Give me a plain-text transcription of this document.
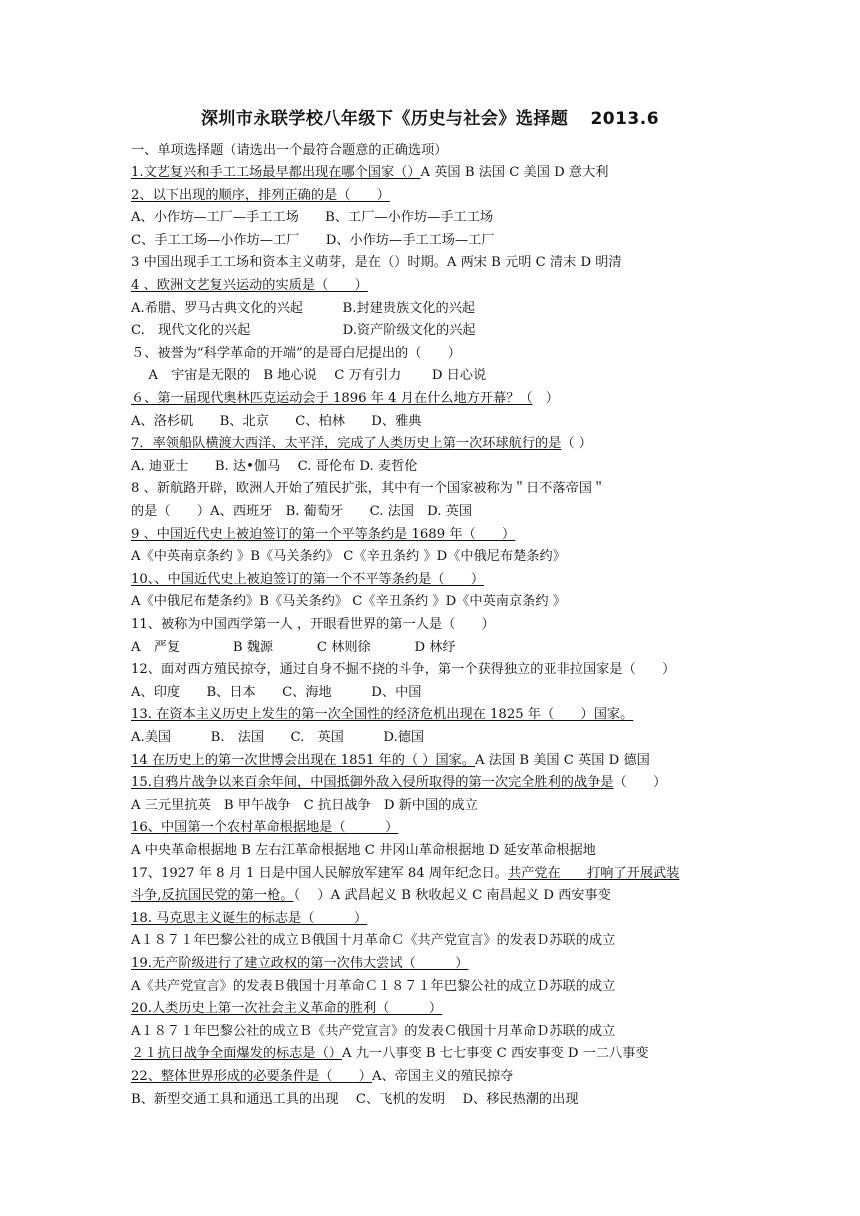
深圳市永联学校八年级下《历史与社会》选择题 2013.6
一、单项选择题（请选出一个最符合题意的正确选项）
1.文艺复兴和手工工场最早都出现在哪个国家（）A 英国 B 法国 C 美国 D 意大利
2、以下出现的顺序，排列正确的是（　　）
A、小作坊—工厂—手工工场　　B、工厂—小作坊—手工工场
C、手工工场—小作坊—工厂　　D、小作坊—手工工场—工厂
3 中国出现手工工场和资本主义萌芽，是在（）时期。A 两宋 B 元明 C 清末 D 明清
4 、欧洲文艺复兴运动的实质是（　　）
A.希腊、罗马古典文化的兴起　　　B.封建贵族文化的兴起
C.　现代文化的兴起　　　　　　　D.资产阶级文化的兴起
５、被誉为“科学革命的开端”的是哥白尼提出的（　　）
　 A　宇宙是无限的　B 地心说　 C 万有引力　　 D 日心说
６、第一届现代奥林匹克运动会于 1896 年 4 月在什么地方开幕？（　）
A、洛杉矶　　B、北京　　C、柏林　　D、雅典
7．率领船队横渡大西洋、太平洋，完成了人类历史上第一次环球航行的是（ ）
A. 迪亚士　　B. 达•伽马　 C. 哥伦布 D. 麦哲伦
8 、新航路开辟，欧洲人开始了殖民扩张，其中有一个国家被称为＂日不落帝国＂
的是（　　）A、西班牙　B. 葡萄牙　　C. 法国　D. 英国
9 、中国近代史上被迫签订的第一个平等条约是 1689 年（　　）
A《中英南京条约 》B《马关条约》 C《辛丑条约 》D《中俄尼布楚条约》
10、、中国近代史上被迫签订的第一个不平等条约是（　　）
A《中俄尼布楚条约》B《马关条约》 C《辛丑条约 》D《中英南京条约 》
11、被称为中国西学第一人 ，开眼看世界的第一人是（　　）
A　严复　　　　B 魏源　　　 C 林则徐　　　 D 林纾
12、面对西方殖民掠夺，通过自身不掘不挠的斗争，第一个获得独立的亚非拉国家是（　　）
A、印度　　B、日本　　C、海地　　　D、中国
13. 在资本主义历史上发生的第一次全国性的经济危机出现在 1825 年（　　）国家。
A.美国　　　B.　法国　　C.　英国　　　D.德国
14 在历史上的第一次世博会出现在 1851 年的（ ）国家。A 法国 B 美国 C 英国 D 德国
15.自鸦片战争以来百余年间，中国抵御外敌入侵所取得的第一次完全胜利的战争是（　　）
A 三元里抗英　B 甲午战争　C 抗日战争　D 新中国的成立
16、中国第一个农村革命根据地是（　　　）
A 中央革命根据地 B 左右江革命根据地 C 井冈山革命根据地 D 延安革命根据地
17、1927 年 8 月 1 日是中国人民解放军建军 84 周年纪念日。共产党在　　打响了开展武装
斗争,反抗国民党的第一枪。（　 ）A 武昌起义 B 秋收起义 C 南昌起义 D 西安事变
18. 马克思主义诞生的标志是（　　　）
A１８７１年巴黎公社的成立Ｂ俄国十月革命Ｃ《共产党宣言》的发表Ｄ苏联的成立
19.无产阶级进行了建立政权的第一次伟大尝试（　　　）
A《共产党宣言》的发表Ｂ俄国十月革命Ｃ１８７１年巴黎公社的成立Ｄ苏联的成立
20.人类历史上第一次社会主义革命的胜利（　　　）
A１８７１年巴黎公社的成立Ｂ《共产党宣言》的发表Ｃ俄国十月革命Ｄ苏联的成立
２１抗日战争全面爆发的标志是（）A 九一八事变 B 七七事变 C 西安事变 D 一二八事变
22、整体世界形成的必要条件是（　　）A、帝国主义的殖民掠夺
B、新型交通工具和通迅工具的出现　 C、飞机的发明　 D、移民热潮的出现
